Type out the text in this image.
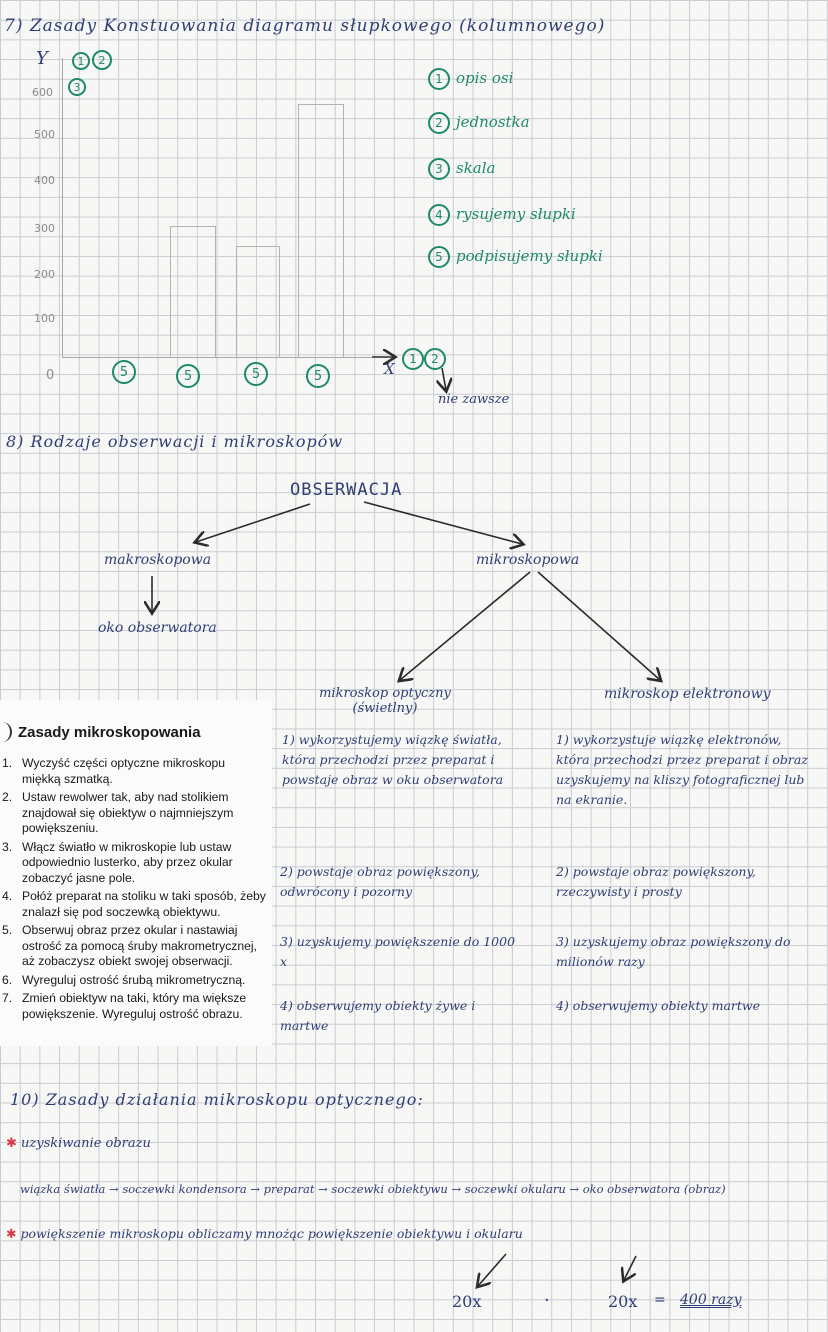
7) Zasady Konstuowania diagramu słupkowego (kolumnowego)
Y	1	2
3
600
500
400
300
200
100
0	5	5	5	5	X
1	2
nie zawsze
1 opis osi
2 jednostka
3 skala
4 rysujemy słupki
5 podpisujemy słupki
8) Rodzaje obserwacji i mikroskopów
OBSERWACJA
makroskopowa
oko obserwatora
mikroskopowa
mikroskop optyczny (świetlny)
mikroskop elektronowy
1) wykorzystujemy wiązkę światła, która przechodzi przez preparat i powstaje obraz w oku obserwatora
2) powstaje obraz powiększony, odwrócony i pozorny
3) uzyskujemy powiększenie do 1000 x
4) obserwujemy obiekty żywe i martwe
1) wykorzystuje wiązkę elektronów, która przechodzi przez preparat i obraz uzyskujemy na kliszy fotograficznej lub na ekranie.
2) powstaje obraz powiększony, rzeczywisty i prosty
3) uzyskujemy obraz powiększony do milionów razy
4) obserwujemy obiekty martwe
Zasady mikroskopowania
1. Wyczyść części optyczne mikroskopu miękką szmatką.
2. Ustaw rewolwer tak, aby nad stolikiem znajdował się obiektyw o najmniejszym powiększeniu.
3. Włącz światło w mikroskopie lub ustaw odpowiednio lusterko, aby przez okular zobaczyć jasne pole.
4. Połóż preparat na stoliku w taki sposób, żeby znalazł się pod soczewką obiektywu.
5. Obserwuj obraz przez okular i nastawiaj ostrość za pomocą śruby makrometrycznej, aż zobaczysz obiekt swojej obserwacji.
6. Wyreguluj ostrość śrubą mikrometryczną.
7. Zmień obiektyw na taki, który ma większe powiększenie. Wyreguluj ostrość obrazu.
10) Zasady działania mikroskopu optycznego:
✱ uzyskiwanie obrazu
wiązka światła → soczewki kondensora → preparat → soczewki obiektywu → soczewki okularu → oko obserwatora (obraz)
✱ powiększenie mikroskopu obliczamy mnożąc powiększenie obiektywu i okularu
20x	·	20x = 400 razy
